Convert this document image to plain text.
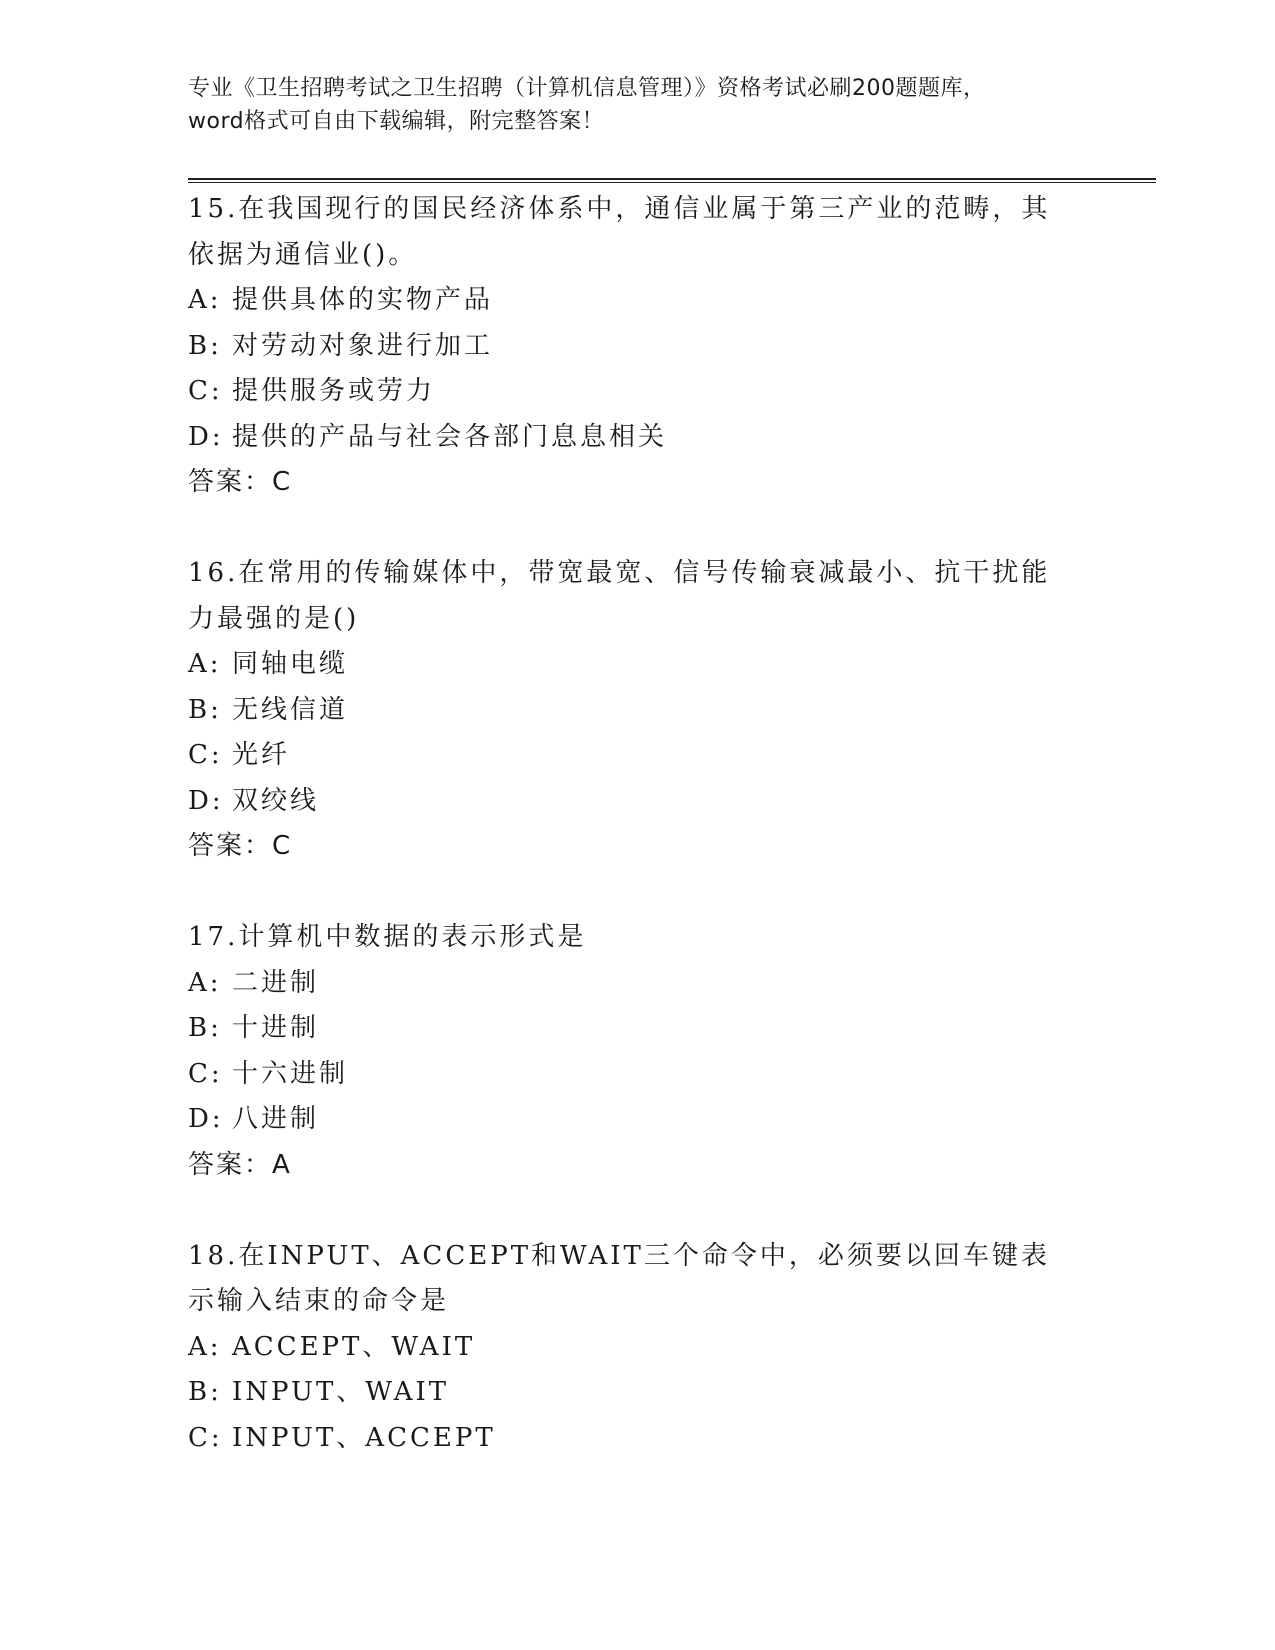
专业《卫生招聘考试之卫生招聘（计算机信息管理）》资格考试必刷200题题库，
word格式可自由下载编辑，附完整答案！

15.在我国现行的国民经济体系中，通信业属于第三产业的范畴，其依据为通信业()。

A: 提供具体的实物产品

B: 对劳动对象进行加工

C: 提供服务或劳力

D: 提供的产品与社会各部门息息相关

答案：C

16.在常用的传输媒体中，带宽最宽、信号传输衰减最小、抗干扰能力最强的是()

A: 同轴电缆

B: 无线信道

C: 光纤

D: 双绞线

答案：C

17.计算机中数据的表示形式是

A: 二进制

B: 十进制

C: 十六进制

D: 八进制

答案：A

18.在INPUT、ACCEPT和WAIT三个命令中，必须要以回车键表示输入结束的命令是

A: ACCEPT、WAIT

B: INPUT、WAIT

C: INPUT、ACCEPT
